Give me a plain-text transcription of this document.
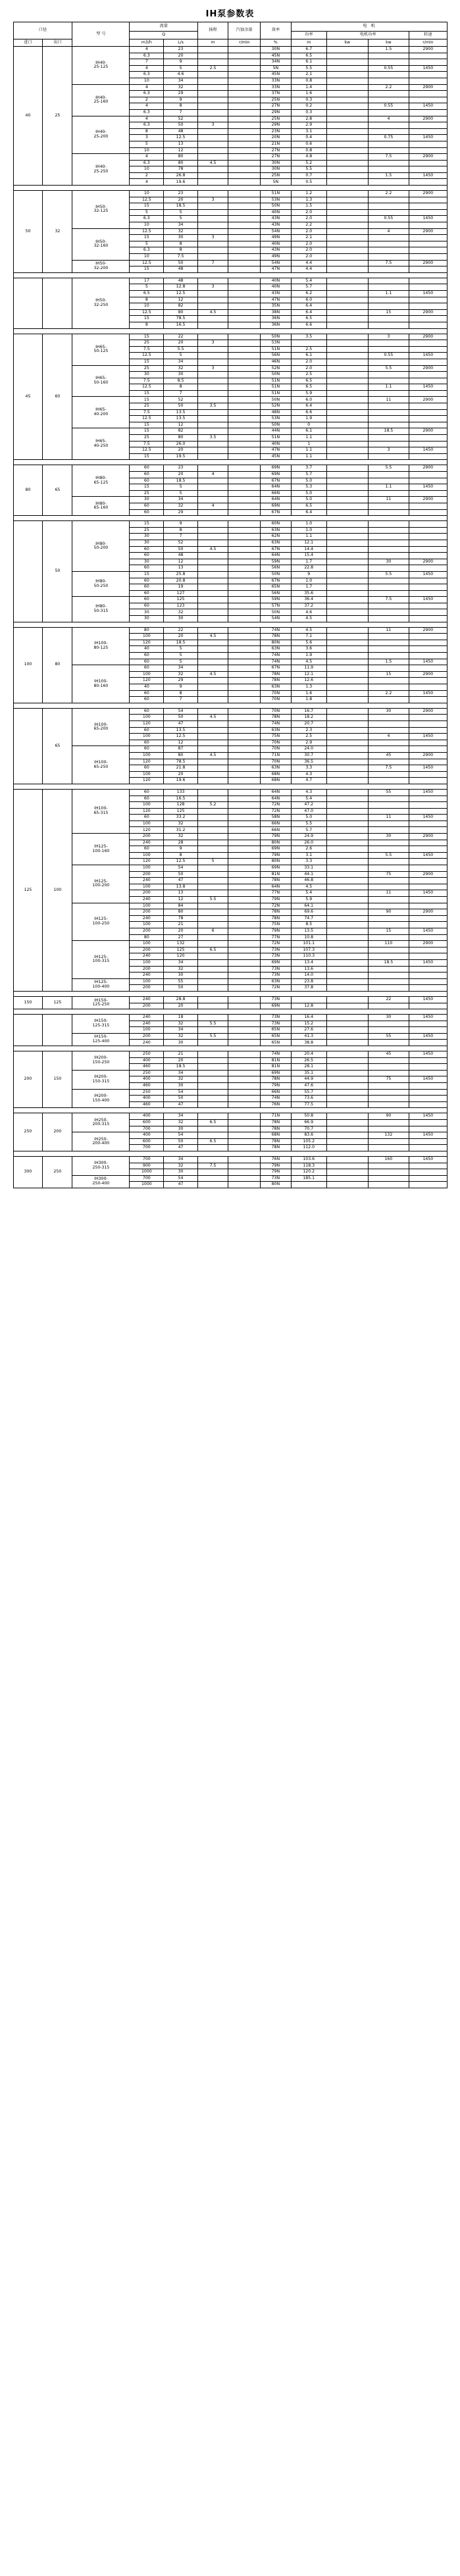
IH泵参数表
口径		型 号	流量		扬程	汽蚀余量	效率	电　机			
			Q					功率	电机功率		转速
进口	出口		m3/h	L/s	m	r/min	%	m	kw	kw	r/min
40	25	IH40-
25-125	4	23			30N	6.7		1.5	2900
			6.3	20			45N	6.5			
			7	9			34N	6.1			
			4	5	2.5		5N	5.5		0.55	1450
			6.3	4.6			45N	2.1			
			10	34			33N	0.8			
		IH40-
25-160	4	32			33N	1.4		2.2	2900
			6.3	29			37N	1.6			
			2	9			25N	0.3			
			4	8			27N	0.2		0.55	1450
			6.3	7			29N	0.3			
		IH40-
25-200	4	52			25N	2.8		4	2900
			6.3	50	3		29N	2.9			
			8	48			23N	3.1			
			3	12.5			20N	0.4		0.75	1450
			5	13			21N	0.6			
			10	12			27N	0.8			
		IH40-
25-250	4	80			27N	4.8		7.5	2900
			6.3	80	4.5		30N	5.2			
			10	78			30N	5.5			
			2	26.8			25N	0.7		1.5	1450
			4	19.6			5N	0.5			

50	32	IH50-
32-125	10	23			51N	1.2		2.2	2900
			12.5	20	3		53N	1.3			
			15	18.5			50N	1.5			
			5	5			40N	2.0			
			6.3	5			43N	2.0		0.55	1450
			10	34			43N	2.2			
		IH50-
32-160	12.5	32			54N	2.0		4	2900
			15	30	3		49N	2.1			
			5	8			40N	2.0			
			6.3	8			43N	2.0			
			10	7.5			49N	2.0			
		IH50-
32-200	12.5	50	7		54N	4.4		7.5	2900
			15	48			47N	4.4			

		IH50-
32-250	17	48			40N	5.4			
			5	12.8	3		40N	5.7			
			6.5	12.5			43N	6.2		1.1	1450
			8	12			47N	6.0			
			10	82			35N	6.4			
			12.5	80	4.5		38N	6.4		15	2900
			15	78.5			36N	6.5			
			8	16.5			36N	6.6			

45	60	IH65-
50-125	15	22			50N	3.5		3	2900
			25	20	3		53N				
			7.5	5.5			51N	2.5			
			12.5	5			56N	6.1		0.55	1450
			15	34			46N	2.0			
		IH65-
50-160	25	32	3		52N	2.0		5.5	2900
			30	30			50N	2.5			
			7.5	8.5			51N	6.5			
			12.5	8			51N	6.5		1.1	1450
			15	7			51N	5.9			
		IH65-
40-200	15	52			50N	6.0		11	2900
			25	50	3.5		52N	6.4			
			7.5	13.5			48N	6.6			
			12.5	13.5			53N	1.9			
			15	12			50N	0			
		IH65-
40-250	15	82			44N	6.1		18.5	2900
			25	80	3.5		51N	1.1			
			7.5	26.0			40N	1			
			12.5	20			47N	1.1		3	1450
			15	19.5			45N	1.1			

80	65	IH80-
65-125	60	23			69N	3.7		5.5	2900
			60	20	4		69N	5.7			
			60	18.5			67N	5.0			
			15	5			64N	5.3		1.1	1450
			25	5			66N	5.0			
		IH80-
65-160	30	34			64N	5.0		11	2900
			60	32	4		69N	6.5			
			60	29			67N	6.4			

	50	IH80-
50-200	15	9			60N	1.0			
			25	8			63N	1.0			
			30	7			62N	1.1			
			30	52			63N	12.1			
			60	50	4.5		67N	14.4			
			60	48			64N	15.4			
			30	12			59N	1.7		30	2900
			60	13			56N	22.8			
		IH80-
50-250	15	25.8			50N	9		5.5	1450
			60	20.8			67N	1.0			
			60	19			65N	1.7			
			60	127			56N	35.6			
		IH80-
50-315	60	125			59N	36.4		7.5	1450
			60	123			57N	37.2			
			30	32			50N	4.6			
			30	30			54N	4.5			

100	80	IH100-
80-125	80	22			74N	4.5		11	2900
			100	20	4.5		78N	7.1			
			120	18.5			80N	5.6			
			40	5			63N	3.6			
			60	5			74N	1.9			
			60	5			74N	4.5		1.5	1450
		IH100-
80-160	60	34			67N	11.9			
			100	32	4.5		78N	12.1		15	2900
			120	29			78N	12.6			
			40	9			63N	1.3			
			60	8			70N	1.6		2.2	1450
			60	7			70N	1.8			

	65	IH100-
65-200	60	54			70N	16.7		30	2900
			100	50	4.5		78N	18.2			
			120	47			74N	20.7			
			60	13.5			63N	2.3			
			100	12.5			75N	2.5		4	1450
			60	12			70N	2.9			
		IH100-
65-250	60	87			70N	24.0			
			100	80	4.5		71N	30.7		45	2900
			120	78.5			70N	36.5			
			60	21.8			63N	3.3		7.5	1450
			100	20			68N	4.3			
			120	19.6			68N	4.7			

125	100	IH100-
65-315	60	133			64N	4.3		55	1450
			60	16.5			64N	5.4			
			100	128	5.2		72N	47.2			
			120	125			72N	47.0			
			60	33.2			58N	5.0		11	1450
			100	32			66N	5.5			
			120	31.2			66N	5.7			
		IH125-
100-160	200	32			79N	24.9		30	2900
			240	28			80N	26.0			
			60	9			69N	2.6			
			100	8			79N	3.1		5.5	1450
			120	12.5	5		80N	3.3			
		IH125-
100-200	100	54			69N	33.1			
			200	50			81N	44.1		75	2900
			240	47			78N	46.8			
			100	13.8			64N	4.5			
			200	13			77N	5.4		11	1450
			240	12	5.5		79N	5.9			
		IH125-
100-250	100	84			72N	64.1			
			200	80			78N	69.6		90	2900
			240	78			78N	74.7			
			100	21			75N	8.5			
			200	20	6		79N	13.5		15	1450
			80	27			77N	10.8			
		IH125-
100-315	100	132			72N	101.1		110	2900
			200	125	6.5		73N	107.3			
			240	120			73N	110.3			
			100	34			69N	13.4		18.5	1450
			200	32			73N	13.6			
			240	30			73N	14.0			
		IH125-
100-400	100	55			63N	23.8			
			200	50			72N	37.8			

150	125	IH150-
125-250	240	28.8			73N			22	1450
			200	20			69N	12.8			

		IH150-
125-315	240	18			73N	16.4		30	1450
			240	32	5.5		73N	15.2			
			100	34			65N	27.6			
		IH150-
125-400	200	32	5.5		65N	41.3		55	1450
			240	30			65N	38.8			

200	150	IH200-
150-250	250	21			74N	20.4		45	1450
			400	20			81N	26.5			
			460	18.5			81N	28.1			
		IH200-
150-315	250	34			69N	35.1			
			400	32			78N	44.9		75	1450
			460	30			79N	47.6			
		IH200-
150-400	250	54			66N	55.7			
			400	50			74N	73.6			
			460	47			76N	77.5			

250	200	IH250-
200-315	400	34			71N	50.8		90	1450
			600	32	6.5		78N	66.9			
			700	30			78N	70.7			
		IH250-
200-400	400	54			68N	83.6		132	1450
			600	50	6.5		78N	105.2			
			700	47			78N	112.0			

300	250	IH300-
250-315	700	34			76N	103.6		160	1450
			900	32	7.5		79N	118.3			
			1000	30			79N	120.2			
		IH300-
250-400	700	54			73N	185.1			
			1000	47			80N				
